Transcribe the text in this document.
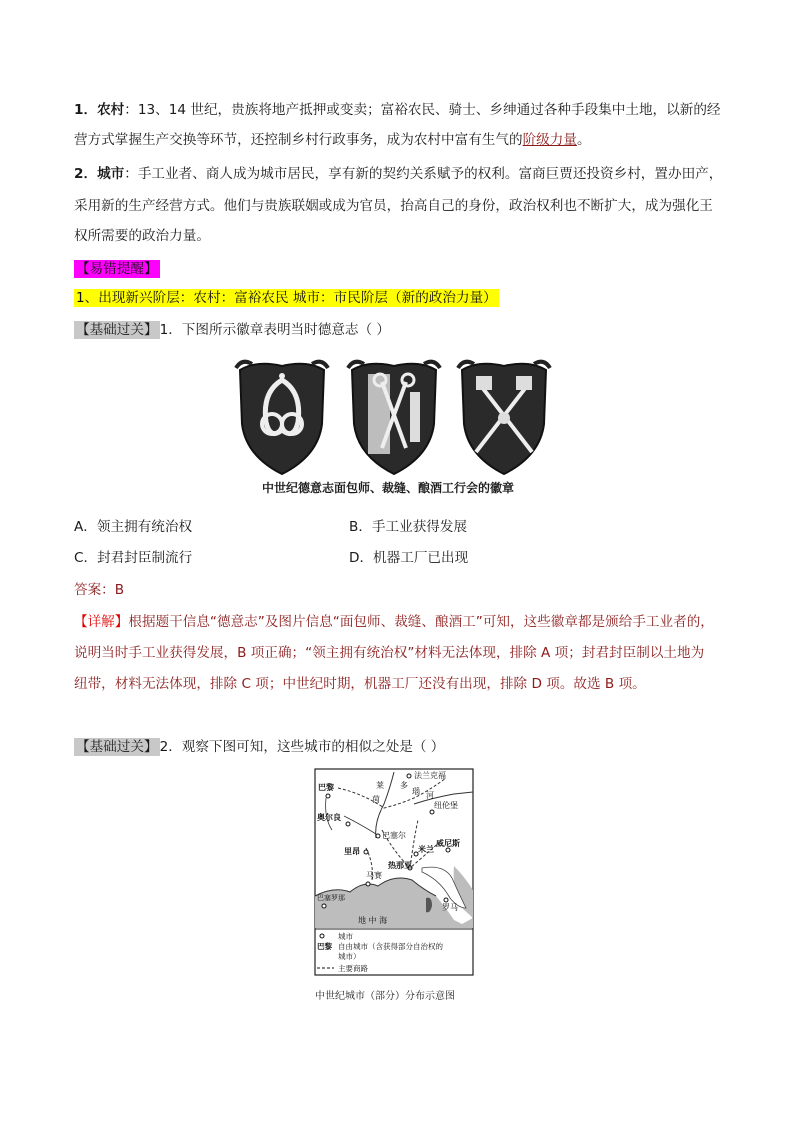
1．农村：13、14 世纪，贵族将地产抵押或变卖；富裕农民、骑士、乡绅通过各种手段集中土地，以新的经
营方式掌握生产交换等环节，还控制乡村行政事务，成为农村中富有生气的阶级力量。
2．城市：手工业者、商人成为城市居民，享有新的契约关系赋予的权利。富商巨贾还投资乡村，置办田产，
采用新的生产经营方式。他们与贵族联姻或成为官员，抬高自己的身份，政治权利也不断扩大，成为强化王
权所需要的政治力量。
【易错提醒】
1、出现新兴阶层：农村：富裕农民 城市：市民阶层（新的政治力量）
【基础过关】 1．下图所示徽章表明当时德意志（ ）
中世纪德意志面包师、裁缝、酿酒工行会的徽章
A．领主拥有统治权	B．手工业获得发展
C．封君封臣制流行	D．机器工厂已出现
答案：B
【详解】根据题干信息“德意志”及图片信息“面包师、裁缝、酿酒工”可知，这些徽章都是颁给手工业者的，
说明当时手工业获得发展，B 项正确；“领主拥有统治权”材料无法体现，排除 A 项；封君封臣制以土地为
纽带，材料无法体现，排除 C 项；中世纪时期，机器工厂还没有出现，排除 D 项。故选 B 项。
【基础过关】 2．观察下图可知，这些城市的相似之处是（ ）
法兰克福
巴黎
纽伦堡
奥尔良
巴塞尔
威尼斯
里昂	米兰
热那亚
马赛
巴塞罗那
罗马
莱
茵
多
瑙 河
地 中 海
城市
巴黎 自由城市（含获得部分自治权的
城市）
主要商路
中世纪城市（部分）分布示意图
